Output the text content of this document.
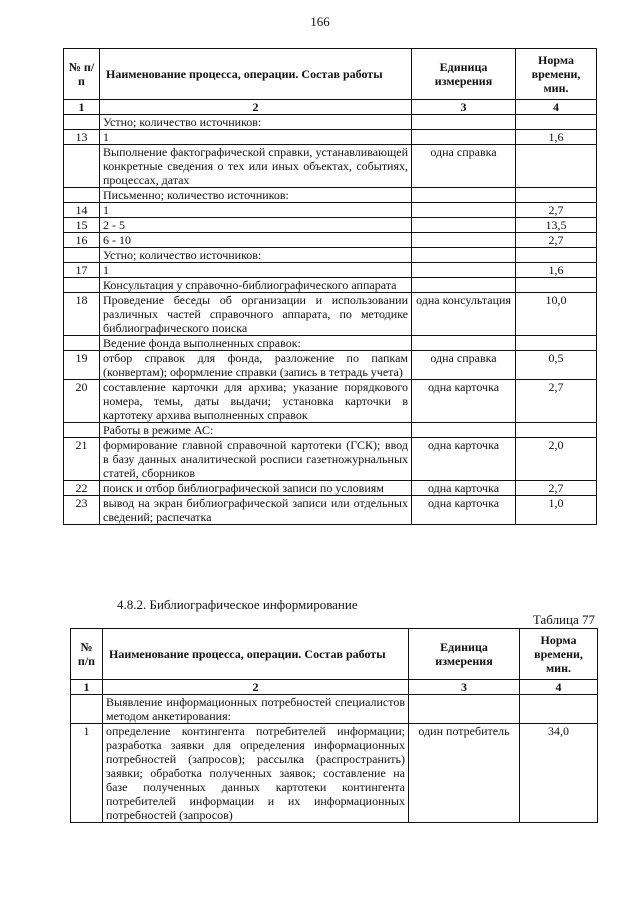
166
№ п/п	Наименование процесса, операции. Состав работы	Единица измерения	Норма времени, мин.
1	2	3	4
	Устно; количество источников:		
13	1		1,6
	Выполнение фактографической справки, устанавливающей конкретные сведения о тех или иных объектах, событиях, процессах, датах	одна справка	
	Письменно; количество источников:		
14	1		2,7
15	2 - 5		13,5
16	6 - 10		2,7
	Устно; количество источников:		
17	1		1,6
	Консультация у справочно-библиографического аппарата		
18	Проведение беседы об организации и использовании различных частей справочного аппарата, по методике библиографического поиска	одна консультация	10,0
	Ведение фонда выполненных справок:		
19	отбор справок для фонда, разложение по папкам (конвертам); оформление справки (запись в тетрадь учета)	одна справка	0,5
20	составление карточки для архива; указание порядкового номера, темы, даты выдачи; установка карточки в картотеку архива выполненных справок	одна карточка	2,7
	Работы в режиме АС:		
21	формирование главной справочной картотеки (ГСК); ввод в базу данных аналитической росписи газетножурнальных статей, сборников	одна карточка	2,0
22	поиск и отбор библиографической записи по условиям	одна карточка	2,7
23	вывод на экран библиографической записи или отдельных сведений; распечатка	одна карточка	1,0
4.8.2. Библиографическое информирование
Таблица 77
№ п/п	Наименование процесса, операции. Состав работы	Единица измерения	Норма времени, мин.
1	2	3	4
	Выявление информационных потребностей специалистов методом анкетирования:		
1	определение контингента потребителей информации; разработка заявки для определения информационных потребностей (запросов); рассылка (распространить) заявки; обработка полученных заявок; составление на базе полученных данных картотеки контингента потребителей информации и их информационных потребностей (запросов)	один потребитель	34,0
